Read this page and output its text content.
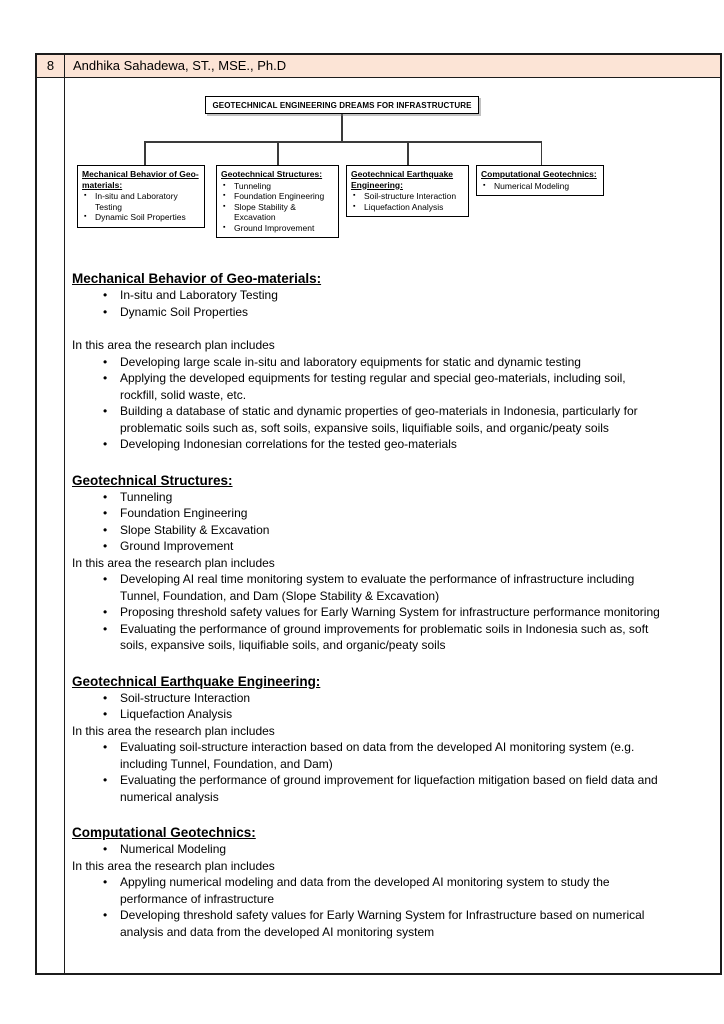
8	Andhika Sahadewa, ST., MSE., Ph.D
GEOTECHNICAL ENGINEERING DREAMS FOR INFRASTRUCTURE
Mechanical Behavior of Geo-materials:
▪ In-situ and Laboratory Testing
▪ Dynamic Soil Properties
Geotechnical Structures:
▪ Tunneling
▪ Foundation Engineering
▪ Slope Stability & Excavation
▪ Ground Improvement
Geotechnical Earthquake Engineering:
▪ Soil-structure Interaction
▪ Liquefaction Analysis
Computational Geotechnics:
▪ Numerical Modeling
Mechanical Behavior of Geo-materials:
• In-situ and Laboratory Testing
• Dynamic Soil Properties

In this area the research plan includes

• Developing large scale in-situ and laboratory equipments for static and dynamic testing
• Applying the developed equipments for testing regular and special geo-materials, including soil, rockfill, solid waste, etc.
• Building a database of static and dynamic properties of geo-materials in Indonesia, particularly for problematic soils such as, soft soils, expansive soils, liquifiable soils, and organic/peaty soils
• Developing Indonesian correlations for the tested geo-materials
Geotechnical Structures:
• Tunneling
• Foundation Engineering
• Slope Stability & Excavation
• Ground Improvement

In this area the research plan includes

• Developing AI real time monitoring system to evaluate the performance of infrastructure including Tunnel, Foundation, and Dam (Slope Stability & Excavation)
• Proposing threshold safety values for Early Warning System for infrastructure performance monitoring
• Evaluating the performance of ground improvements for problematic soils in Indonesia such as, soft soils, expansive soils, liquifiable soils, and organic/peaty soils
Geotechnical Earthquake Engineering:
• Soil-structure Interaction
• Liquefaction Analysis

In this area the research plan includes

• Evaluating soil-structure interaction based on data from the developed AI monitoring system (e.g. including Tunnel, Foundation, and Dam)
• Evaluating the performance of ground improvement for liquefaction mitigation based on field data and numerical analysis
Computational Geotechnics:
• Numerical Modeling

In this area the research plan includes

• Appyling numerical modeling and data from the developed AI monitoring system to study the performance of infrastructure
• Developing threshold safety values for Early Warning System for Infrastructure based on numerical analysis and data from the developed AI monitoring system
